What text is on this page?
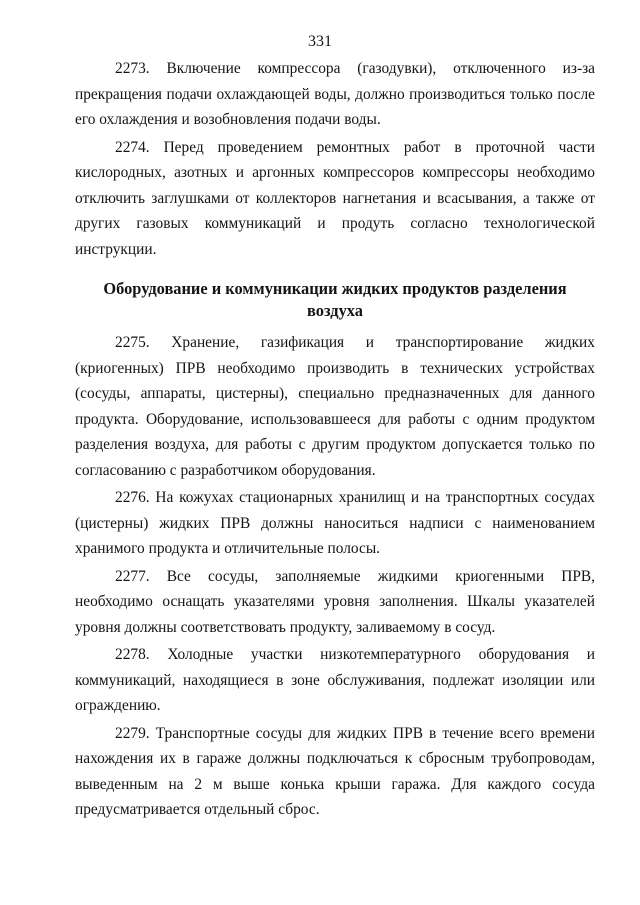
331

2273. Включение компрессора (газодувки), отключенного из-за прекращения подачи охлаждающей воды, должно производиться только после его охлаждения и возобновления подачи воды.

2274. Перед проведением ремонтных работ в проточной части кислородных, азотных и аргонных компрессоров компрессоры необходимо отключить заглушками от коллекторов нагнетания и всасывания, а также от других газовых коммуникаций и продуть согласно технологической инструкции.

Оборудование и коммуникации жидких продуктов разделения воздуха

2275. Хранение, газификация и транспортирование жидких (криогенных) ПРВ необходимо производить в технических устройствах (сосуды, аппараты, цистерны), специально предназначенных для данного продукта. Оборудование, использовавшееся для работы с одним продуктом разделения воздуха, для работы с другим продуктом допускается только по согласованию с разработчиком оборудования.

2276. На кожухах стационарных хранилищ и на транспортных сосудах (цистерны) жидких ПРВ должны наноситься надписи с наименованием хранимого продукта и отличительные полосы.

2277. Все сосуды, заполняемые жидкими криогенными ПРВ, необходимо оснащать указателями уровня заполнения. Шкалы указателей уровня должны соответствовать продукту, заливаемому в сосуд.

2278. Холодные участки низкотемпературного оборудования и коммуникаций, находящиеся в зоне обслуживания, подлежат изоляции или ограждению.

2279. Транспортные сосуды для жидких ПРВ в течение всего времени нахождения их в гараже должны подключаться к сбросным трубопроводам, выведенным на 2 м выше конька крыши гаража. Для каждого сосуда предусматривается отдельный сброс.
